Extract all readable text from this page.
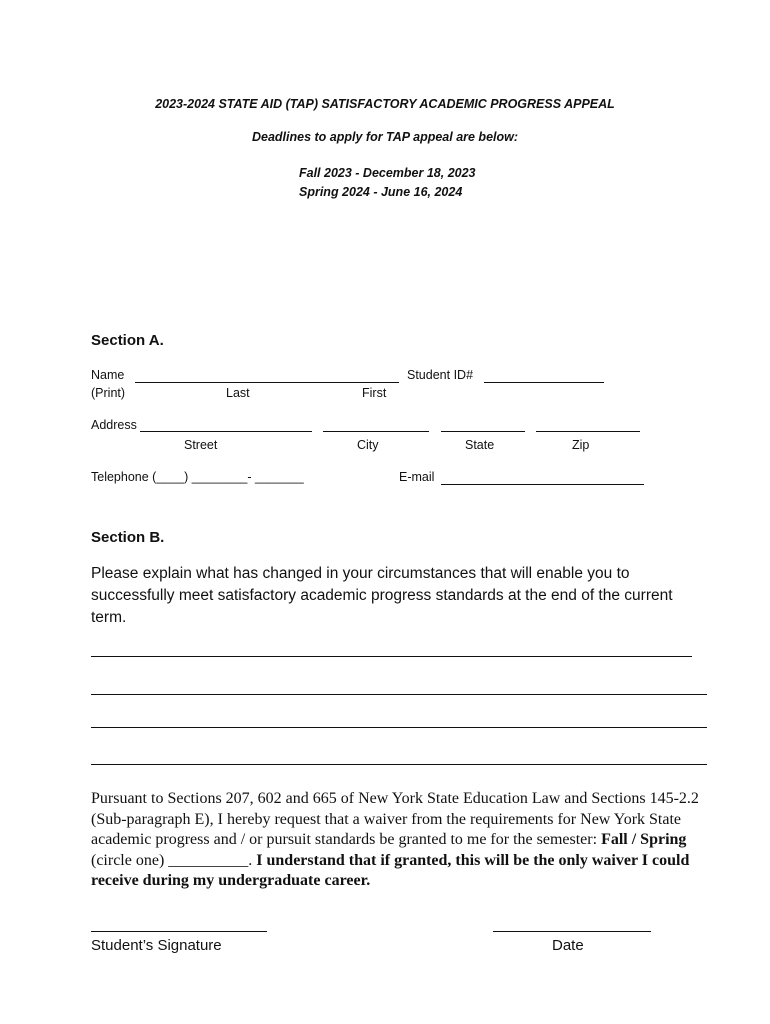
2023-2024 STATE AID (TAP) SATISFACTORY ACADEMIC PROGRESS APPEAL
Deadlines to apply for TAP appeal are below:
Fall 2023 - December 18, 2023
Spring 2024 - June 16, 2024
Section A.
Name	Student ID#
(Print)	Last	First
Address
Street	City	State	Zip
Telephone (____) ________- _______	E-mail
Section B.
Please explain what has changed in your circumstances that will enable you to successfully meet satisfactory academic progress standards at the end of the current term.
Pursuant to Sections 207, 602 and 665 of New York State Education Law and Sections 145-2.2 (Sub-paragraph E), I hereby request that a waiver from the requirements for New York State academic progress and / or pursuit standards be granted to me for the semester: Fall / Spring (circle one) __________. I understand that if granted, this will be the only waiver I could receive during my undergraduate career.
Student’s Signature	Date
